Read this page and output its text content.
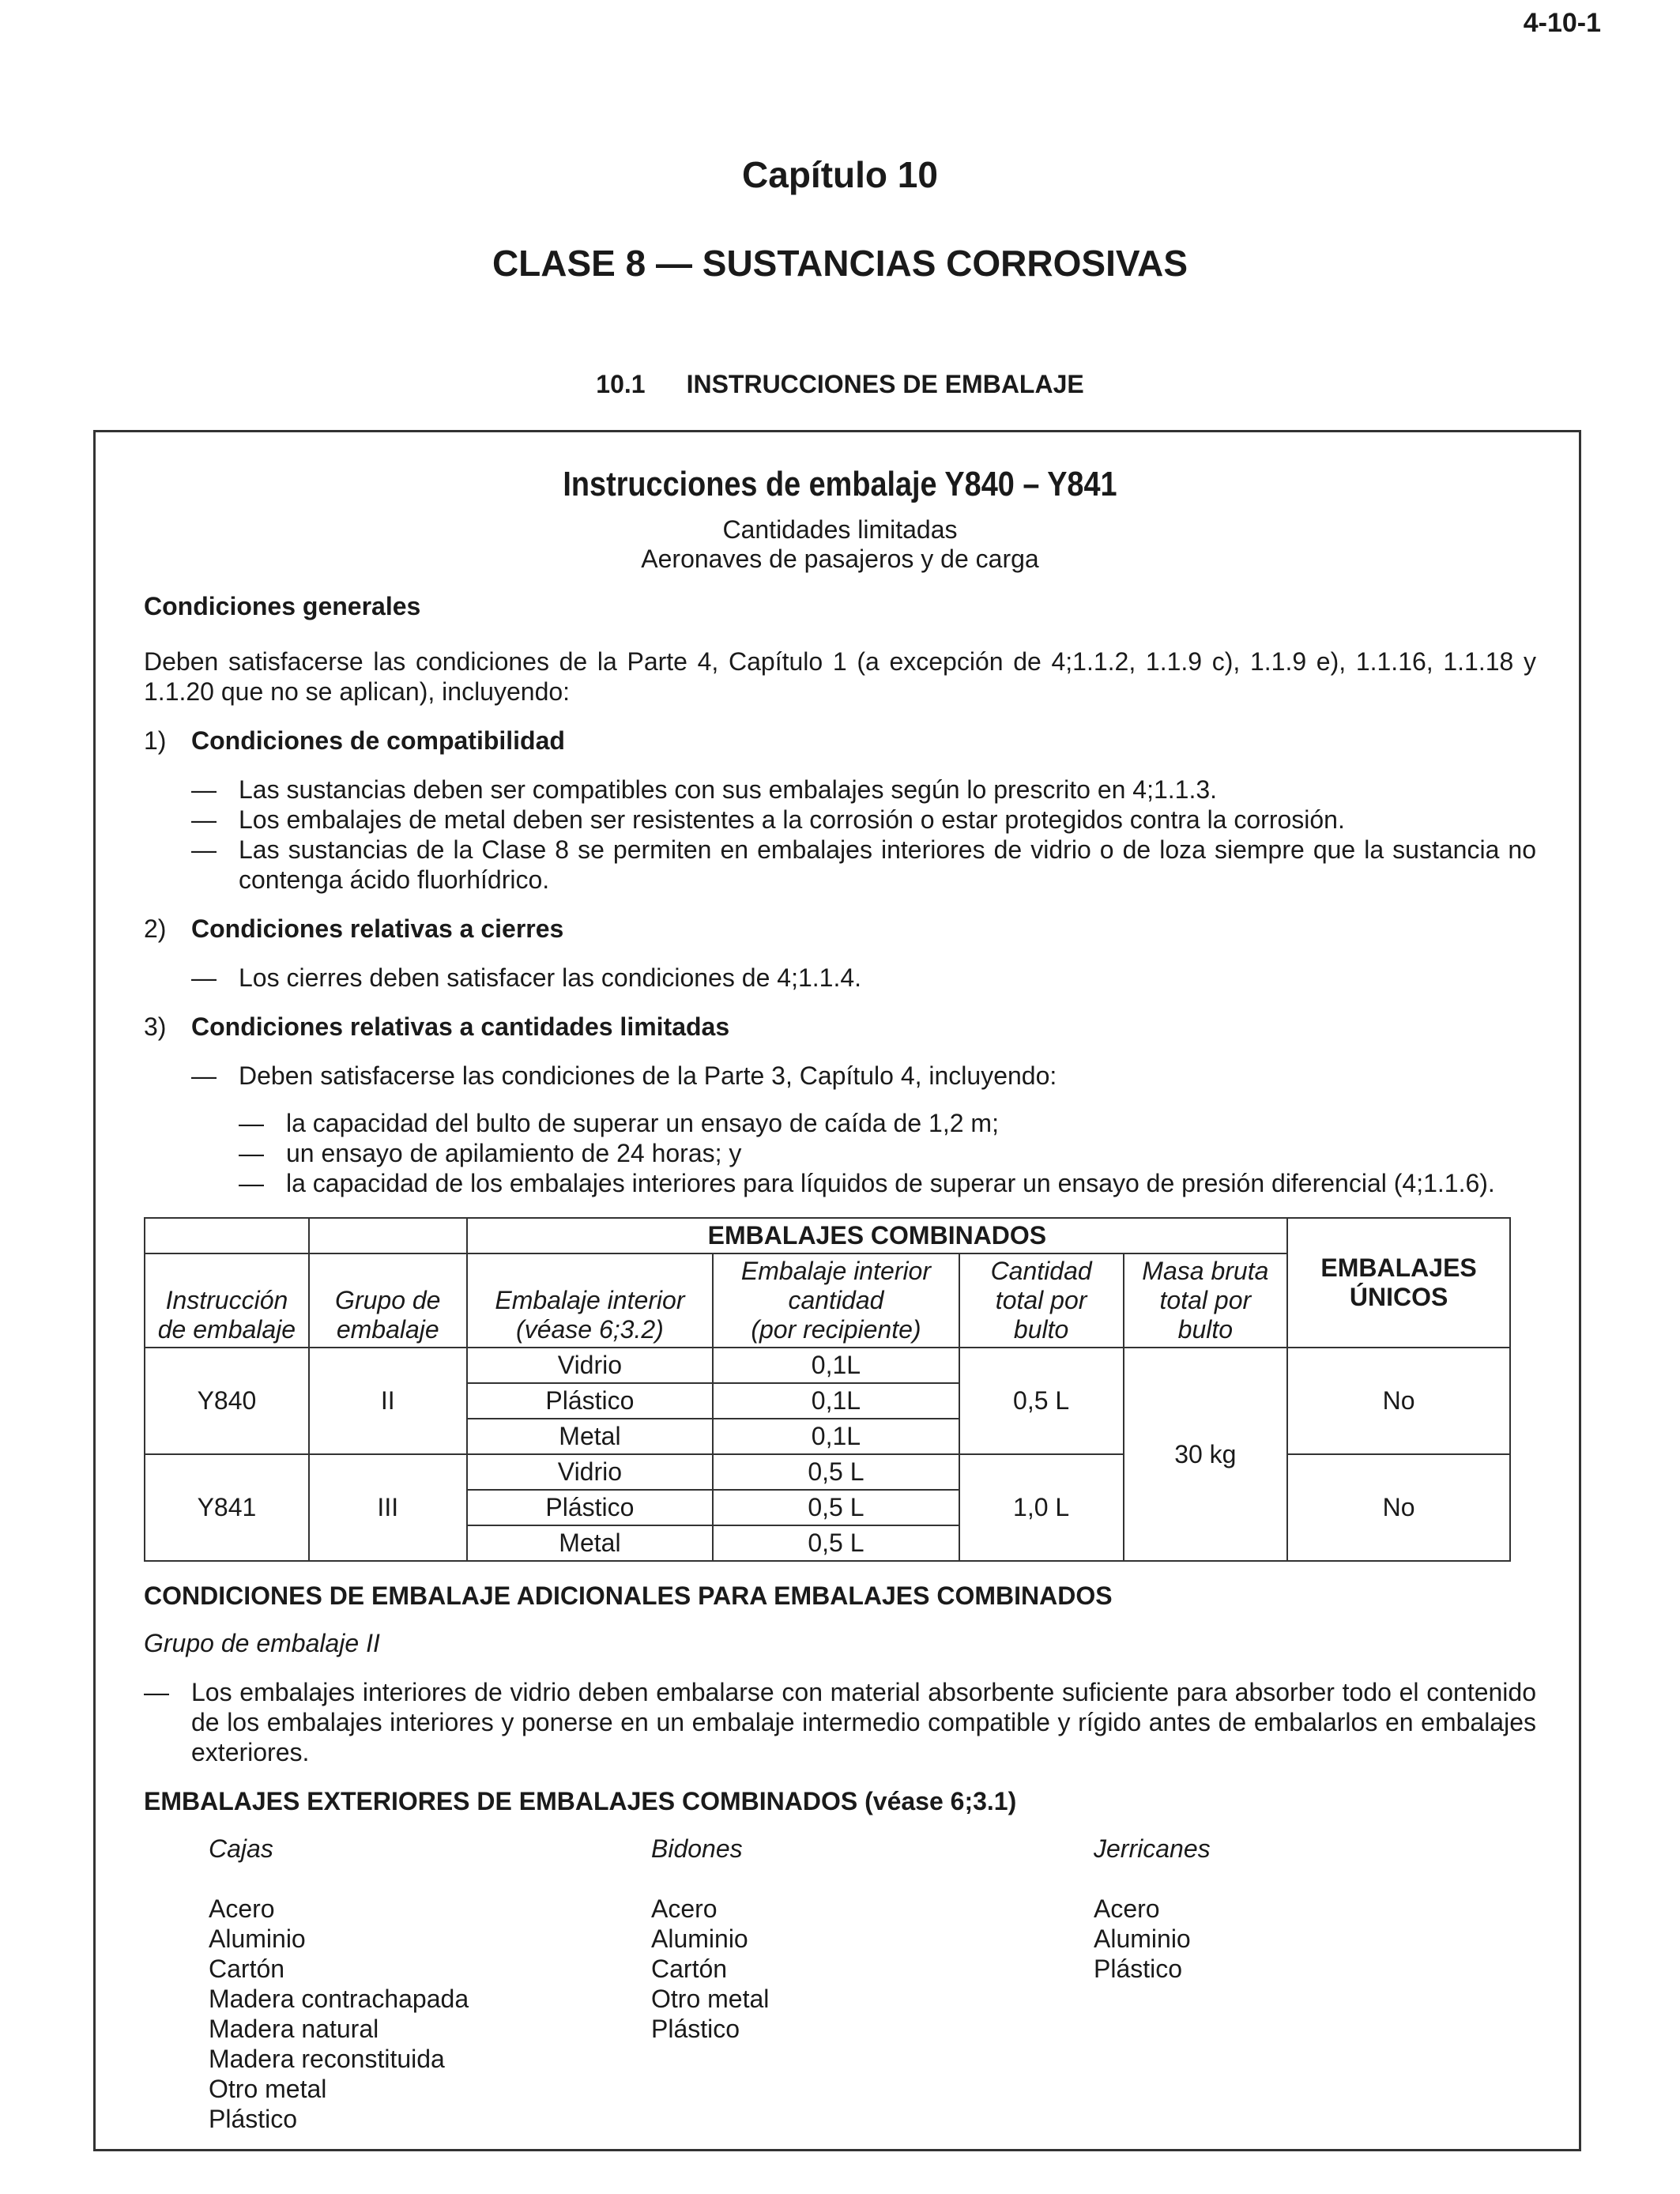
4-10-1
Capítulo 10
CLASE 8 — SUSTANCIAS CORROSIVAS
10.1 INSTRUCCIONES DE EMBALAJE
Instrucciones de embalaje Y840 – Y841
Cantidades limitadas
Aeronaves de pasajeros y de carga
Condiciones generales
Deben satisfacerse las condiciones de la Parte 4, Capítulo 1 (a excepción de 4;1.1.2, 1.1.9 c), 1.1.9 e), 1.1.16, 1.1.18 y 1.1.20 que no se aplican), incluyendo:
1) Condiciones de compatibilidad
— Las sustancias deben ser compatibles con sus embalajes según lo prescrito en 4;1.1.3.
— Los embalajes de metal deben ser resistentes a la corrosión o estar protegidos contra la corrosión.
— Las sustancias de la Clase 8 se permiten en embalajes interiores de vidrio o de loza siempre que la sustancia no contenga ácido fluorhídrico.
2) Condiciones relativas a cierres
— Los cierres deben satisfacer las condiciones de 4;1.1.4.
3) Condiciones relativas a cantidades limitadas
— Deben satisfacerse las condiciones de la Parte 3, Capítulo 4, incluyendo:
— la capacidad del bulto de superar un ensayo de caída de 1,2 m;
— un ensayo de apilamiento de 24 horas; y
— la capacidad de los embalajes interiores para líquidos de superar un ensayo de presión diferencial (4;1.1.6).
		EMBALAJES COMBINADOS				EMBALAJES
ÚNICOS
Instrucción
de embalaje	Grupo de
embalaje	Embalaje interior
(véase 6;3.2)	Embalaje interior
cantidad
(por recipiente)	Cantidad
total por
bulto	Masa bruta
total por
bulto	
Y840	II	Vidrio	0,1L	0,5 L	30 kg	No
		Plástico	0,1L			
		Metal	0,1L			
Y841	III	Vidrio	0,5 L	1,0 L		No
		Plástico	0,5 L			
		Metal	0,5 L			
CONDICIONES DE EMBALAJE ADICIONALES PARA EMBALAJES COMBINADOS
Grupo de embalaje II
— Los embalajes interiores de vidrio deben embalarse con material absorbente suficiente para absorber todo el contenido de los embalajes interiores y ponerse en un embalaje intermedio compatible y rígido antes de embalarlos en embalajes exteriores.
EMBALAJES EXTERIORES DE EMBALAJES COMBINADOS (véase 6;3.1)
Cajas
Acero
Aluminio
Cartón
Madera contrachapada
Madera natural
Madera reconstituida
Otro metal
Plástico
Bidones
Acero
Aluminio
Cartón
Otro metal
Plástico
Jerricanes
Acero
Aluminio
Plástico
